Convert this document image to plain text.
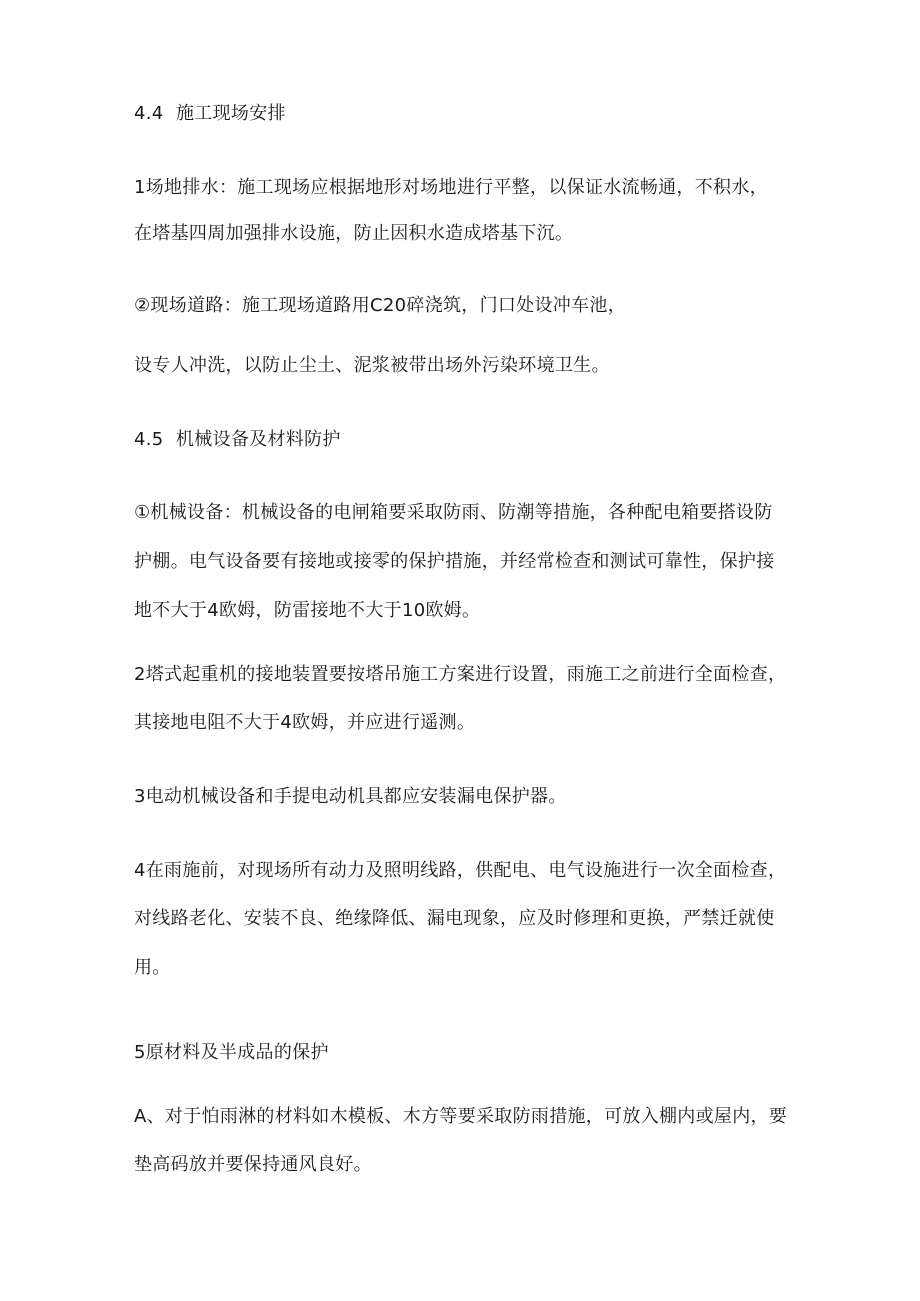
4.4 施工现场安排
1场地排水：施工现场应根据地形对场地进行平整，以保证水流畅通，不积水，
在塔基四周加强排水设施，防止因积水造成塔基下沉。
②现场道路：施工现场道路用C20碎浇筑，门口处设冲车池，
设专人冲洗，以防止尘土、泥浆被带出场外污染环境卫生。
4.5 机械设备及材料防护
①机械设备：机械设备的电闸箱要采取防雨、防潮等措施，各种配电箱要搭设防
护棚。电气设备要有接地或接零的保护措施，并经常检查和测试可靠性，保护接
地不大于4欧姆，防雷接地不大于10欧姆。
2塔式起重机的接地装置要按塔吊施工方案进行设置，雨施工之前进行全面检查，
其接地电阻不大于4欧姆，并应进行遥测。
3电动机械设备和手提电动机具都应安装漏电保护器。
4在雨施前，对现场所有动力及照明线路，供配电、电气设施进行一次全面检查，
对线路老化、安装不良、绝缘降低、漏电现象，应及时修理和更换，严禁迁就使
用。
5原材料及半成品的保护
A、对于怕雨淋的材料如木模板、木方等要采取防雨措施，可放入棚内或屋内，要
垫高码放并要保持通风良好。
